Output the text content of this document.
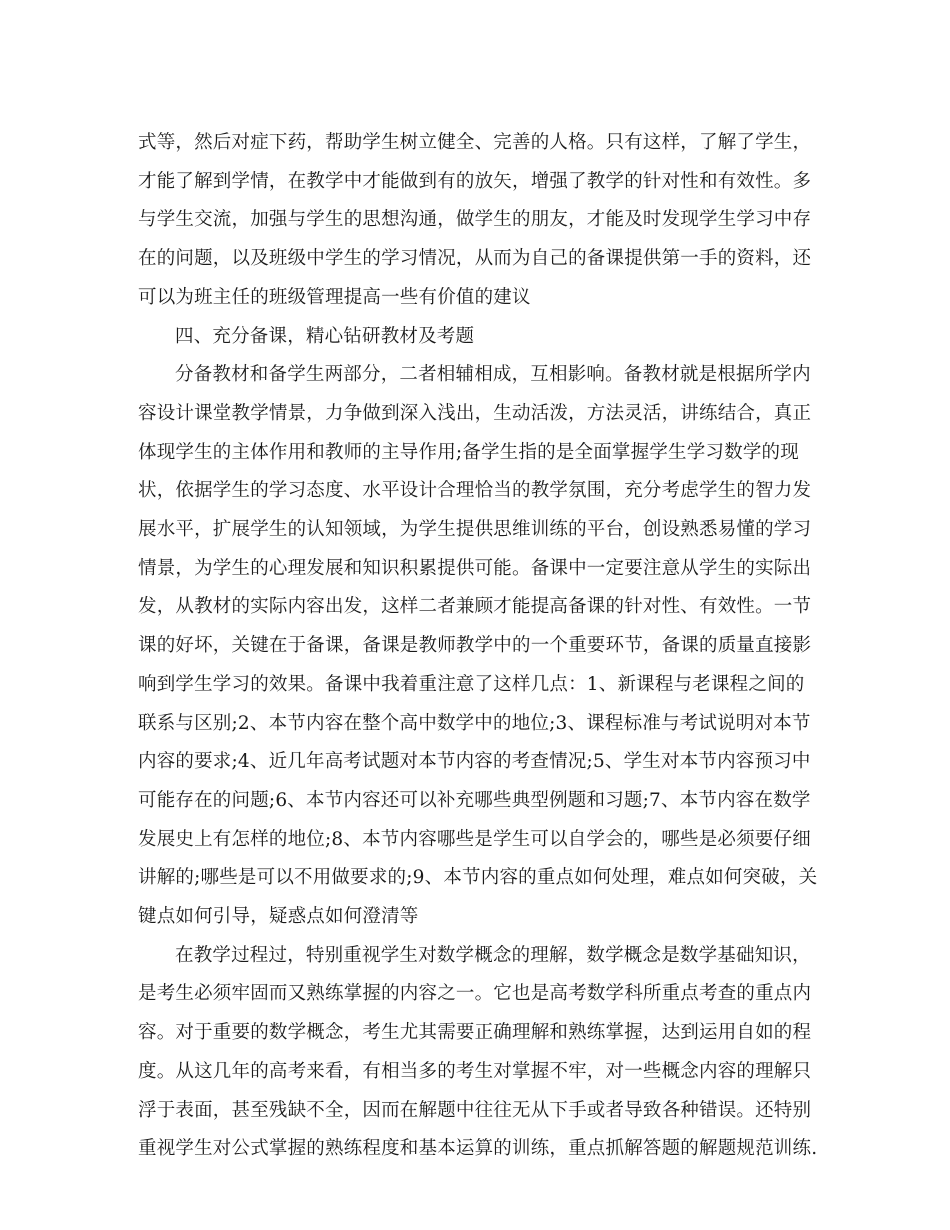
式等，然后对症下药，帮助学生树立健全、完善的人格。只有这样，了解了学生，才能了解到学情，在教学中才能做到有的放矢，增强了教学的针对性和有效性。多与学生交流，加强与学生的思想沟通，做学生的朋友，才能及时发现学生学习中存在的问题，以及班级中学生的学习情况，从而为自己的备课提供第一手的资料，还可以为班主任的班级管理提高一些有价值的建议

四、充分备课，精心钻研教材及考题

分备教材和备学生两部分，二者相辅相成，互相影响。备教材就是根据所学内容设计课堂教学情景，力争做到深入浅出，生动活泼，方法灵活，讲练结合，真正体现学生的主体作用和教师的主导作用;备学生指的是全面掌握学生学习数学的现状，依据学生的学习态度、水平设计合理恰当的教学氛围，充分考虑学生的智力发展水平，扩展学生的认知领域，为学生提供思维训练的平台，创设熟悉易懂的学习情景，为学生的心理发展和知识积累提供可能。备课中一定要注意从学生的实际出发，从教材的实际内容出发，这样二者兼顾才能提高备课的针对性、有效性。一节课的好坏，关键在于备课，备课是教师教学中的一个重要环节，备课的质量直接影响到学生学习的效果。备课中我着重注意了这样几点：1、新课程与老课程之间的联系与区别;2、本节内容在整个高中数学中的地位;3、课程标准与考试说明对本节内容的要求;4、近几年高考试题对本节内容的考查情况;5、学生对本节内容预习中可能存在的问题;6、本节内容还可以补充哪些典型例题和习题;7、本节内容在数学发展史上有怎样的地位;8、本节内容哪些是学生可以自学会的，哪些是必须要仔细讲解的;哪些是可以不用做要求的;9、本节内容的重点如何处理，难点如何突破，关键点如何引导，疑惑点如何澄清等

在教学过程过，特别重视学生对数学概念的理解，数学概念是数学基础知识，是考生必须牢固而又熟练掌握的内容之一。它也是高考数学科所重点考查的重点内容。对于重要的数学概念，考生尤其需要正确理解和熟练掌握，达到运用自如的程度。从这几年的高考来看，有相当多的考生对掌握不牢，对一些概念内容的理解只浮于表面，甚至残缺不全，因而在解题中往往无从下手或者导致各种错误。还特别重视学生对公式掌握的熟练程度和基本运算的训练，重点抓解答题的解题规范训练.
